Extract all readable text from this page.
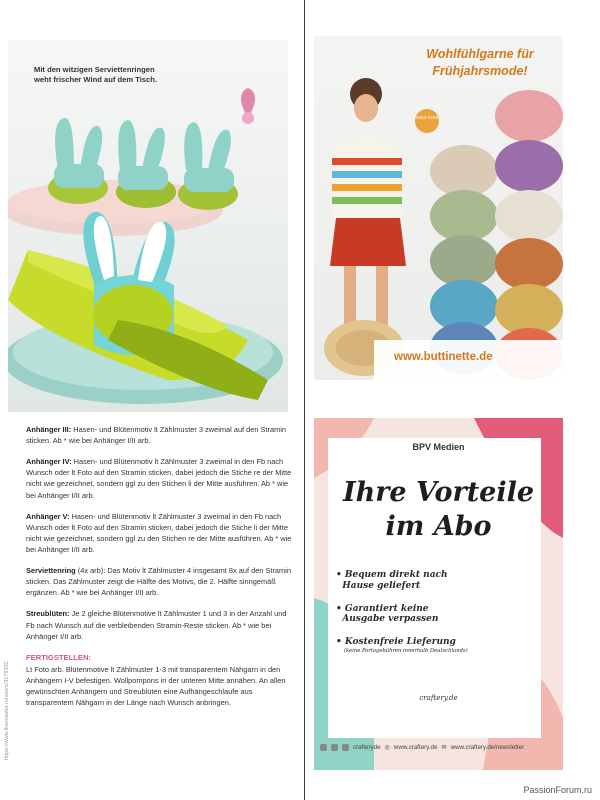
Mit den witzigen Serviettenringen
weht frischer Wind auf dem Tisch.

Anhänger III: Hasen- und Blütenmotiv lt Zählmuster 3 zweimal auf den Stramin sticken. Ab * wie bei Anhänger I/II arb.

Anhänger IV: Hasen- und Blütenmotiv lt Zählmuster 3 zweimal in den Fb nach Wunsch oder lt Foto auf den Stramin sticken, dabei jedoch die Stiche re der Mitte nicht wie gezeichnet, sondern ggl zu den Stichen li der Mitte ausführen. Ab * wie bei Anhänger I/II arb.

Anhänger V: Hasen- und Blütenmotiv lt Zählmuster 3 zweimal in den Fb nach Wunsch oder lt Foto auf den Stramin sticken, dabei jedoch die Stiche li der Mitte nicht wie gezeichnet, sondern ggl zu den Stichen re der Mitte ausführen. Ab * wie bei Anhänger I/II arb.

Serviettenring (4x arb): Das Motiv lt Zählmuster 4 insgesamt 8x auf den Stramin sticken. Das Zählmuster zeigt die Hälfte des Motivs, die 2. Hälfte sinngemäß ergänzen. Ab * wie bei Anhänger I/II arb.

Streublüten: Je 2 gleiche Blütenmotive lt Zählmuster 1 und 3 in der Anzahl und Fb nach Wunsch auf die verbleibenden Stramin-Reste sticken. Ab * wie bei Anhänger I/II arb.

FERTIGSTELLEN:

Lt Foto arb. Blütenmotive lt Zählmuster 1-3 mit transparentem Nähgarn in den Anhängern I-V befestigen. Wollpompons in der unteren Mitte annähen. An allen gewünschten Anhängern und Streublüten eine Aufhängeschlaufe aus transparentem Nähgarn in der Länge nach Wunsch anbringen.

https://www.livemaster.ru/users/3179332
Wohlfühlgarne für
Frühjahrsmode!
Strick IDEE
www.buttinette.de
BPV Medien
Ihre Vorteile
im Abo
• Bequem direkt nach
Hause geliefert
• Garantiert keine
Ausgabe verpassen
• Kostenfreie Lieferung
(keine Portogebühren innerhalb Deutschlands)
craftery.de
crafteryde ◎ www.craftery.de ✉ www.craftery.de/newsletter
PassionForum.ru
